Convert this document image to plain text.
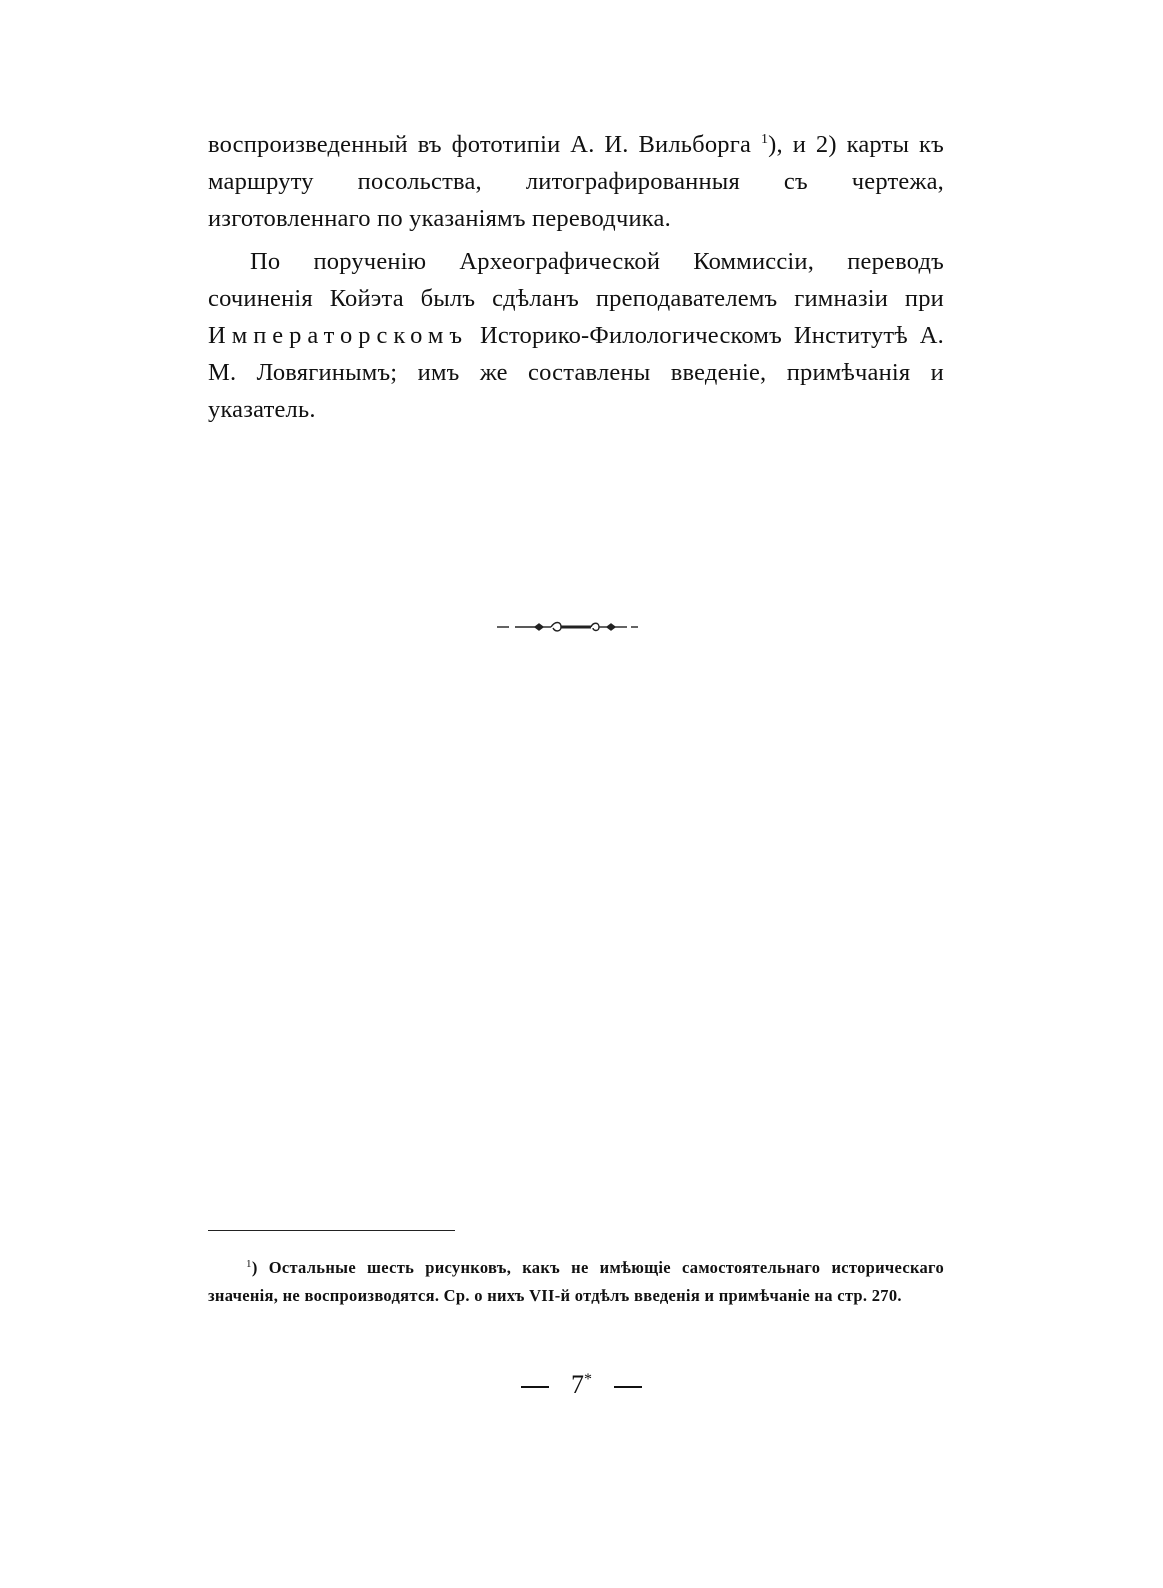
воспроизведенный въ фототипіи А. И. Вильборга $^1$), и 2) карты къ маршруту посольства, литографированныя съ чертежа, изготовленнаго по указаніямъ переводчика.

По порученію Археографической Коммиссіи, переводъ сочиненія Койэта былъ сдѣланъ преподавателемъ гимназіи при Императорскомъ Историко-Филологическомъ Институтѣ А. М. Ловягинымъ; имъ же составлены введеніе, примѣчанія и указатель.

$^1$) Остальные шесть рисунковъ, какъ не имѣющіе самостоятельнаго историческаго значенія, не воспроизводятся. Ср. о нихъ VII-й отдѣлъ введенія и примѣчаніе на стр. 270.

7*
